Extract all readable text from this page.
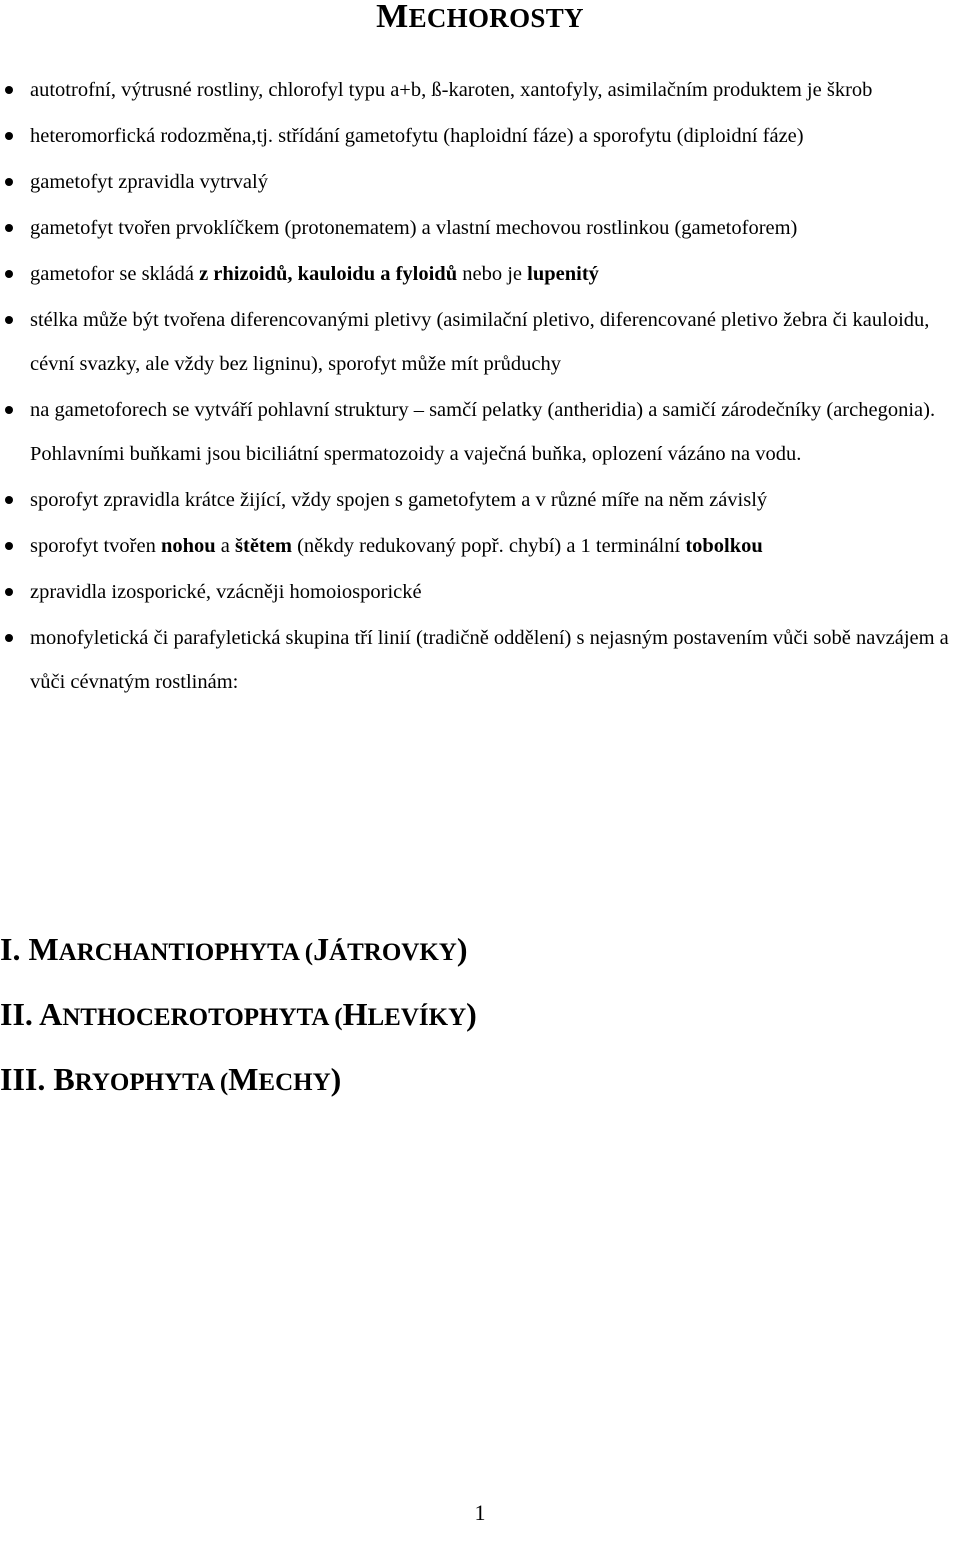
MECHOROSTY
autotrofní, výtrusné rostliny, chlorofyl typu a+b, ß-karoten, xantofyly, asimilačním produktem je škrob
heteromorfická rodozměna,tj. střídání gametofytu (haploidní fáze) a sporofytu (diploidní fáze)
gametofyt zpravidla vytrvalý
gametofyt tvořen prvoklíčkem (protonematem) a vlastní mechovou rostlinkou (gametoforem)
gametofor se skládá z rhizoidů, kauloidu a fyloidů nebo je lupenitý
stélka může být tvořena diferencovanými pletivy (asimilační pletivo, diferencované pletivo žebra či kauloidu, cévní svazky, ale vždy bez ligninu), sporofyt může mít průduchy
na gametoforech se vytváří pohlavní struktury – samčí pelatky (antheridia) a samičí zárodečníky (archegonia). Pohlavními buňkami jsou biciliátní spermatozoidy a vaječná buňka, oplození vázáno na vodu.
sporofyt zpravidla krátce žijící, vždy spojen s gametofytem a v různé míře na něm závislý
sporofyt tvořen nohou a štětem (někdy redukovaný popř. chybí) a 1 terminální tobolkou
zpravidla izosporické, vzácněji homoiosporické
monofyletická či parafyletická skupina tří linií (tradičně oddělení) s nejasným postavením vůči sobě navzájem a vůči cévnatým rostlinám:
I. MARCHANTIOPHYTA (JÁTROVKY)
II. ANTHOCEROTOPHYTA (HLEVÍKY)
III. BRYOPHYTA (MECHY)
1
